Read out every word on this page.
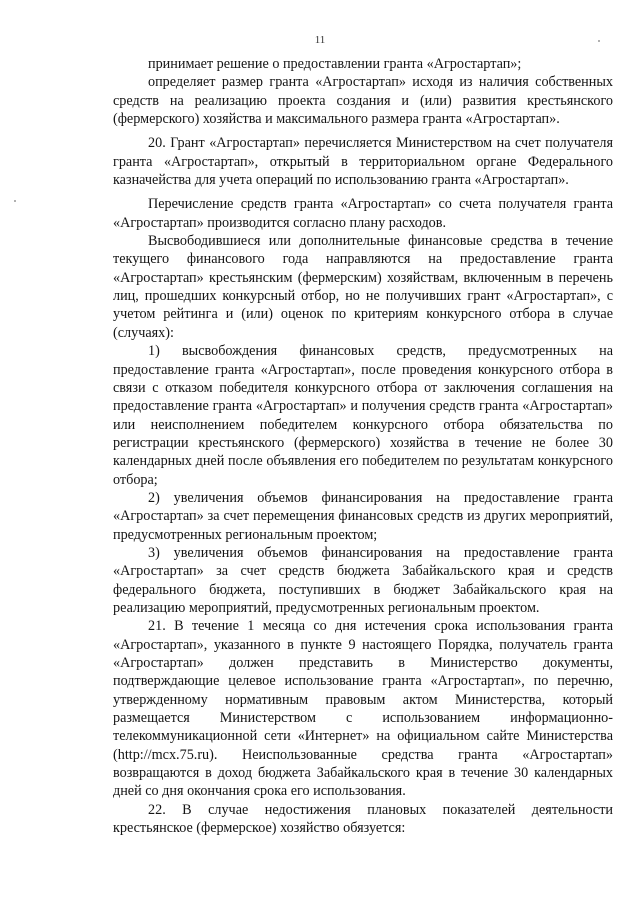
11

принимает решение о предоставлении гранта «Агростартап»;

определяет размер гранта «Агростартап» исходя из наличия собственных средств на реализацию проекта создания и (или) развития крестьянского (фермерского) хозяйства и максимального размера гранта «Агростартап».

20. Грант «Агростартап» перечисляется Министерством на счет получателя гранта «Агростартап», открытый в территориальном органе Федерального казначейства для учета операций по использованию гранта «Агростартап».

Перечисление средств гранта «Агростартап» со счета получателя гранта «Агростартап» производится согласно плану расходов.

Высвободившиеся или дополнительные финансовые средства в течение текущего финансового года направляются на предоставление гранта «Агростартап» крестьянским (фермерским) хозяйствам, включенным в перечень лиц, прошедших конкурсный отбор, но не получивших грант «Агростартап», с учетом рейтинга и (или) оценок по критериям конкурсного отбора в случае (случаях):

1) высвобождения финансовых средств, предусмотренных на предоставление гранта «Агростартап», после проведения конкурсного отбора в связи с отказом победителя конкурсного отбора от заключения соглашения на предоставление гранта «Агростартап» и получения средств гранта «Агростартап» или неисполнением победителем конкурсного отбора обязательства по регистрации крестьянского (фермерского) хозяйства в течение не более 30 календарных дней после объявления его победителем по результатам конкурсного отбора;

2) увеличения объемов финансирования на предоставление гранта «Агростартап» за счет перемещения финансовых средств из других мероприятий, предусмотренных региональным проектом;

3) увеличения объемов финансирования на предоставление гранта «Агростартап» за счет средств бюджета Забайкальского края и средств федерального бюджета, поступивших в бюджет Забайкальского края на реализацию мероприятий, предусмотренных региональным проектом.

21. В течение 1 месяца со дня истечения срока использования гранта «Агростартап», указанного в пункте 9 настоящего Порядка, получатель гранта «Агростартап» должен представить в Министерство документы, подтверждающие целевое использование гранта «Агростартап», по перечню, утвержденному нормативным правовым актом Министерства, который размещается Министерством с использованием информационно-телекоммуникационной сети «Интернет» на официальном сайте Министерства (http://mcx.75.ru). Неиспользованные средства гранта «Агростартап» возвращаются в доход бюджета Забайкальского края в течение 30 календарных дней со дня окончания срока его использования.

22. В случае недостижения плановых показателей деятельности крестьянское (фермерское) хозяйство обязуется:
